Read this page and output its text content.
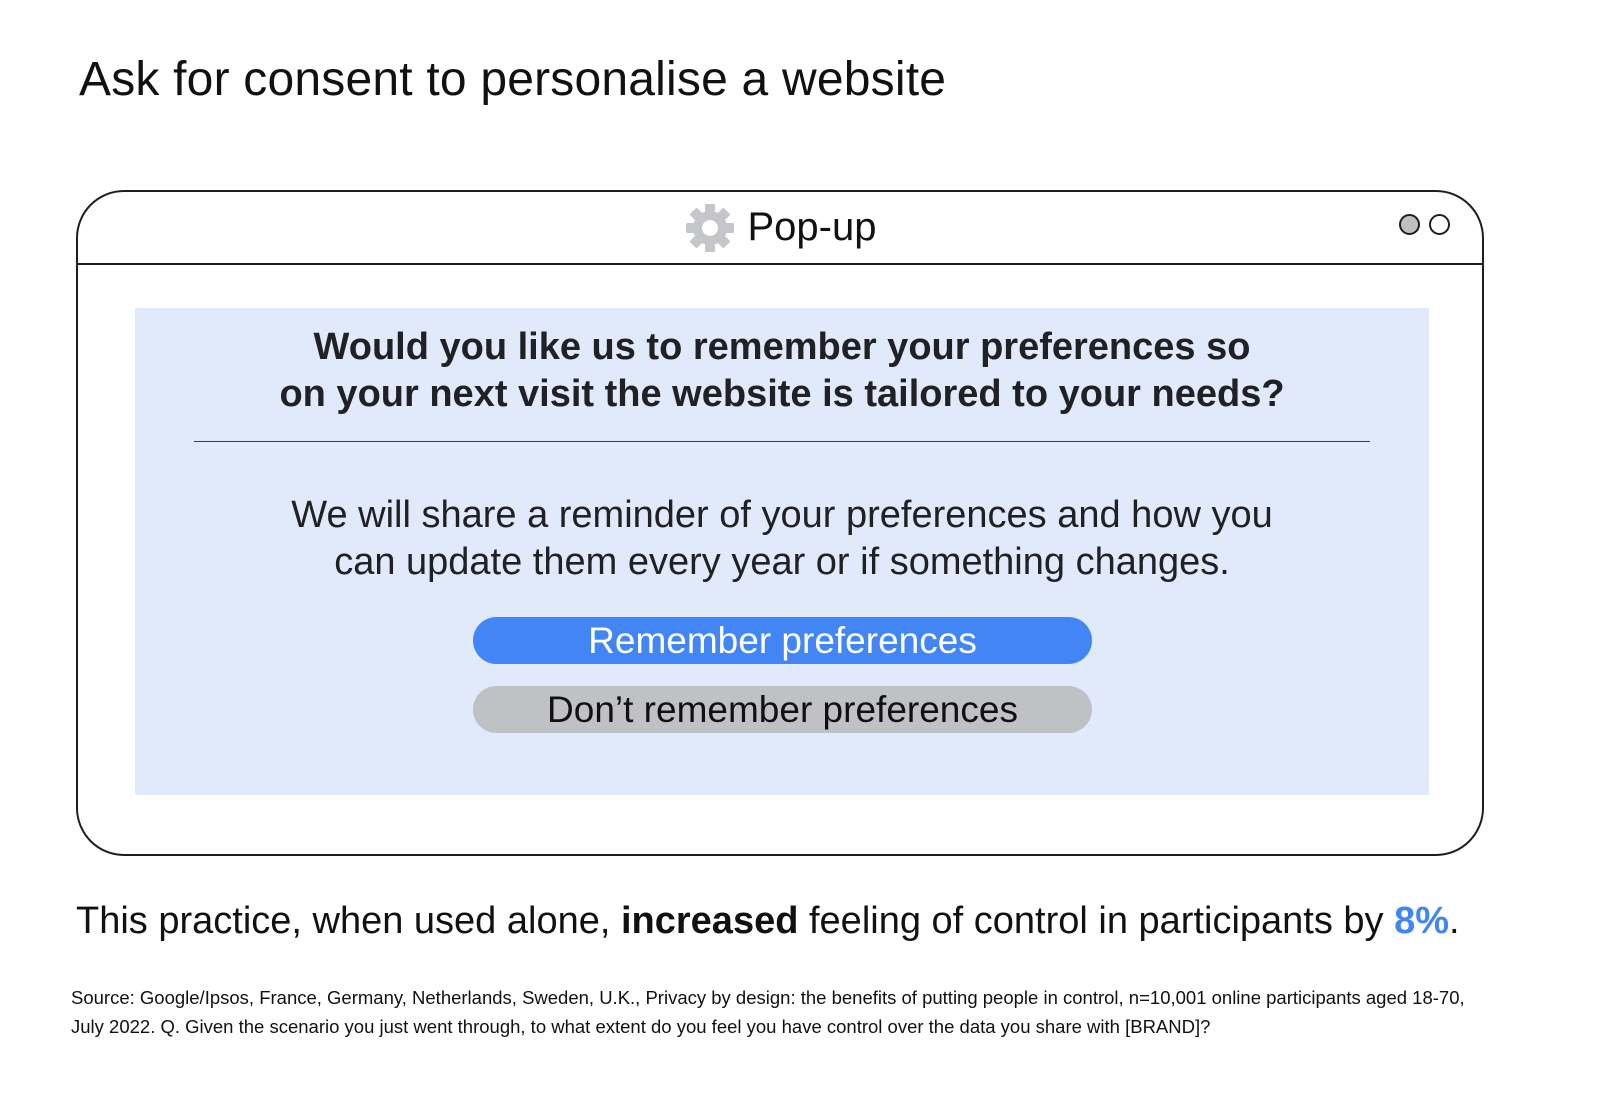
Ask for consent to personalise a website
Pop-up
Would you like us to remember your preferences so
on your next visit the website is tailored to your needs?
We will share a reminder of your preferences and how you
can update them every year or if something changes.
Remember preferences
Don’t remember preferences

This practice, when used alone, increased feeling of control in participants by 8%.

Source: Google/Ipsos, France, Germany, Netherlands, Sweden, U.K., Privacy by design: the benefits of putting people in control, n=10,001 online participants aged 18-70, July 2022. Q. Given the scenario you just went through, to what extent do you feel you have control over the data you share with [BRAND]?
